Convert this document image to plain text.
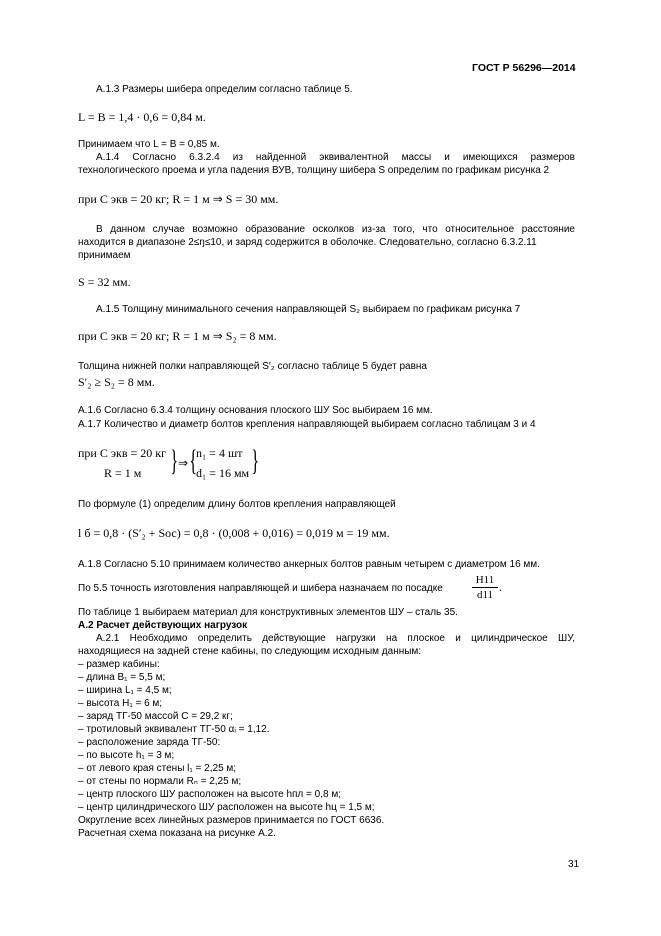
ГОСТ Р 56296—2014
А.1.3 Размеры шибера определим согласно таблице 5.
L = B = 1,4 · 0,6 = 0,84 м.
Принимаем что L = B = 0,85 м.
А.1.4 Согласно 6.3.2.4 из найденной эквивалентной массы и имеющихся размеров
технологического проема и угла падения ВУВ, толщину шибера S определим по графикам рисунка 2
при C экв = 20 кг; R = 1 м ⇒ S = 30 мм.
В данном случае возможно образование осколков из-за того, что относительное расстояние
находится в диапазоне 2≤ŋ≤10, и заряд содержится в оболочке. Следовательно, согласно 6.3.2.11
принимаем
S = 32 мм.
А.1.5 Толщину минимального сечения направляющей S₂ выбираем по графикам рисунка 7
при C экв = 20 кг; R = 1 м ⇒ S₂ = 8 мм.
Толщина нижней полки направляющей S′₂ согласно таблице 5 будет равна
S′₂ ≥ S₂ = 8 мм.
А.1.6 Согласно 6.3.4 толщину основания плоского ШУ Sос выбираем 16 мм.
А.1.7 Количество и диаметр болтов крепления направляющей выбираем согласно таблицам 3 и 4
при C экв = 20 кг
R = 1 м } ⇒ {
n₁ = 4 шт
d₁ = 16 мм }
По формуле (1) определим длину болтов крепления направляющей
l б = 0,8 · (S′₂ + Sос) = 0,8 · (0,008 + 0,016) = 0,019 м = 19 мм.
А.1.8 Согласно 5.10 принимаем количество анкерных болтов равным четырем с диаметром 16 мм.
По 5.5 точность изготовления направляющей и шибера назначаем по посадке
H11
d11
.
По таблице 1 выбираем материал для конструктивных элементов ШУ – сталь 35.
А.2 Расчет действующих нагрузок
А.2.1 Необходимо определить действующие нагрузки на плоское и цилиндрическое ШУ,
находящиеся на задней стене кабины, по следующим исходным данным:
– размер кабины:
– длина B₁ = 5,5 м;
– ширина L₁ = 4,5 м;
– высота H₁ = 6 м;
– заряд ТГ-50 массой С = 29,2 кг;
– тротиловый эквивалент ТГ-50 αᵢ = 1,12.
– расположение заряда ТГ-50:
– по высоте h₁ = 3 м;
– от левого края стены l₁ = 2,25 м;
– от стены по нормали Rₙ = 2,25 м;
– центр плоского ШУ расположен на высоте hпл = 0,8 м;
– центр цилиндрического ШУ расположен на высоте hц = 1,5 м;
Округление всех линейных размеров принимается по ГОСТ 6636.
Расчетная схема показана на рисунке А.2.
31
